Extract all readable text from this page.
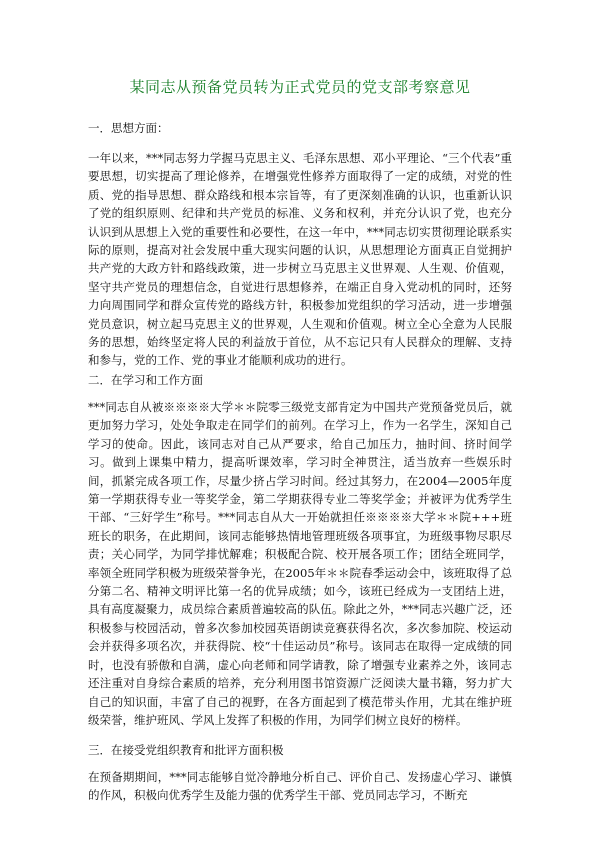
某同志从预备党员转为正式党员的党支部考察意见

一．思想方面：

一年以来，***同志努力学握马克思主义、毛泽东思想、邓小平理论、“三个代表”重要思想，切实提高了理论修养，在增强党性修养方面取得了一定的成绩，对党的性质、党的指导思想、群众路线和根本宗旨等，有了更深刻准确的认识，也重新认识了党的组织原则、纪律和共产党员的标准、义务和权利，并充分认识了党，也充分认识到从思想上入党的重要性和必要性，在这一年中，***同志切实贯彻理论联系实际的原则，提高对社会发展中重大现实问题的认识，从思想理论方面真正自觉拥护共产党的大政方针和路线政策，进一步树立马克思主义世界观、人生观、价值观，坚守共产党员的理想信念，自觉进行思想修养，在端正自身入党动机的同时，还努力向周围同学和群众宣传党的路线方针，积极参加党组织的学习活动，进一步增强党员意识，树立起马克思主义的世界观，人生观和价值观。树立全心全意为人民服务的思想，始终坚定将人民的利益放于首位，从不忘记只有人民群众的理解、支持和参与，党的工作、党的事业才能顺利成功的进行。

二．在学习和工作方面

***同志自从被※※※※大学＊＊院零三级党支部肯定为中国共产党预备党员后，就更加努力学习，处处争取走在同学们的前列。在学习上，作为一名学生，深知自己学习的使命。因此，该同志对自己从严要求，给自己加压力，抽时间、挤时间学习。做到上课集中精力，提高听课效率，学习时全神贯注，适当放弃一些娱乐时间，抓紧完成各项工作，尽量少挤占学习时间。经过其努力，在2004—2005年度第一学期获得专业一等奖学金，第二学期获得专业二等奖学金；并被评为优秀学生干部、“三好学生”称号。***同志自从大一开始就担任※※※※大学＊＊院+++班班长的职务，在此期间，该同志能够热情地管理班级各项事宜，为班级事物尽职尽责；关心同学，为同学排忧解难；积极配合院、校开展各项工作；团结全班同学，率领全班同学积极为班级荣誉争光，在2005年＊＊院春季运动会中，该班取得了总分第二名、精神文明评比第一名的优异成绩；如今，该班已经成为一支团结上进，具有高度凝聚力，成员综合素质普遍较高的队伍。除此之外，***同志兴趣广泛，还积极参与校园活动，曾多次参加校园英语朗读竞赛获得名次，多次参加院、校运动会并获得多项名次，并获得院、校“十佳运动员”称号。该同志在取得一定成绩的同时，也没有骄傲和自满，虚心向老师和同学请教，除了增强专业素养之外，该同志还注重对自身综合素质的培养，充分利用图书馆资源广泛阅读大量书籍，努力扩大自己的知识面，丰富了自己的视野，在各方面起到了模范带头作用，尤其在维护班级荣誉，维护班风、学风上发挥了积极的作用，为同学们树立良好的榜样。

三．在接受党组织教育和批评方面积极

在预备期期间，***同志能够自觉冷静地分析自己、评价自己、发扬虚心学习、谦慎的作风，积极向优秀学生及能力强的优秀学生干部、党员同志学习，不断充
